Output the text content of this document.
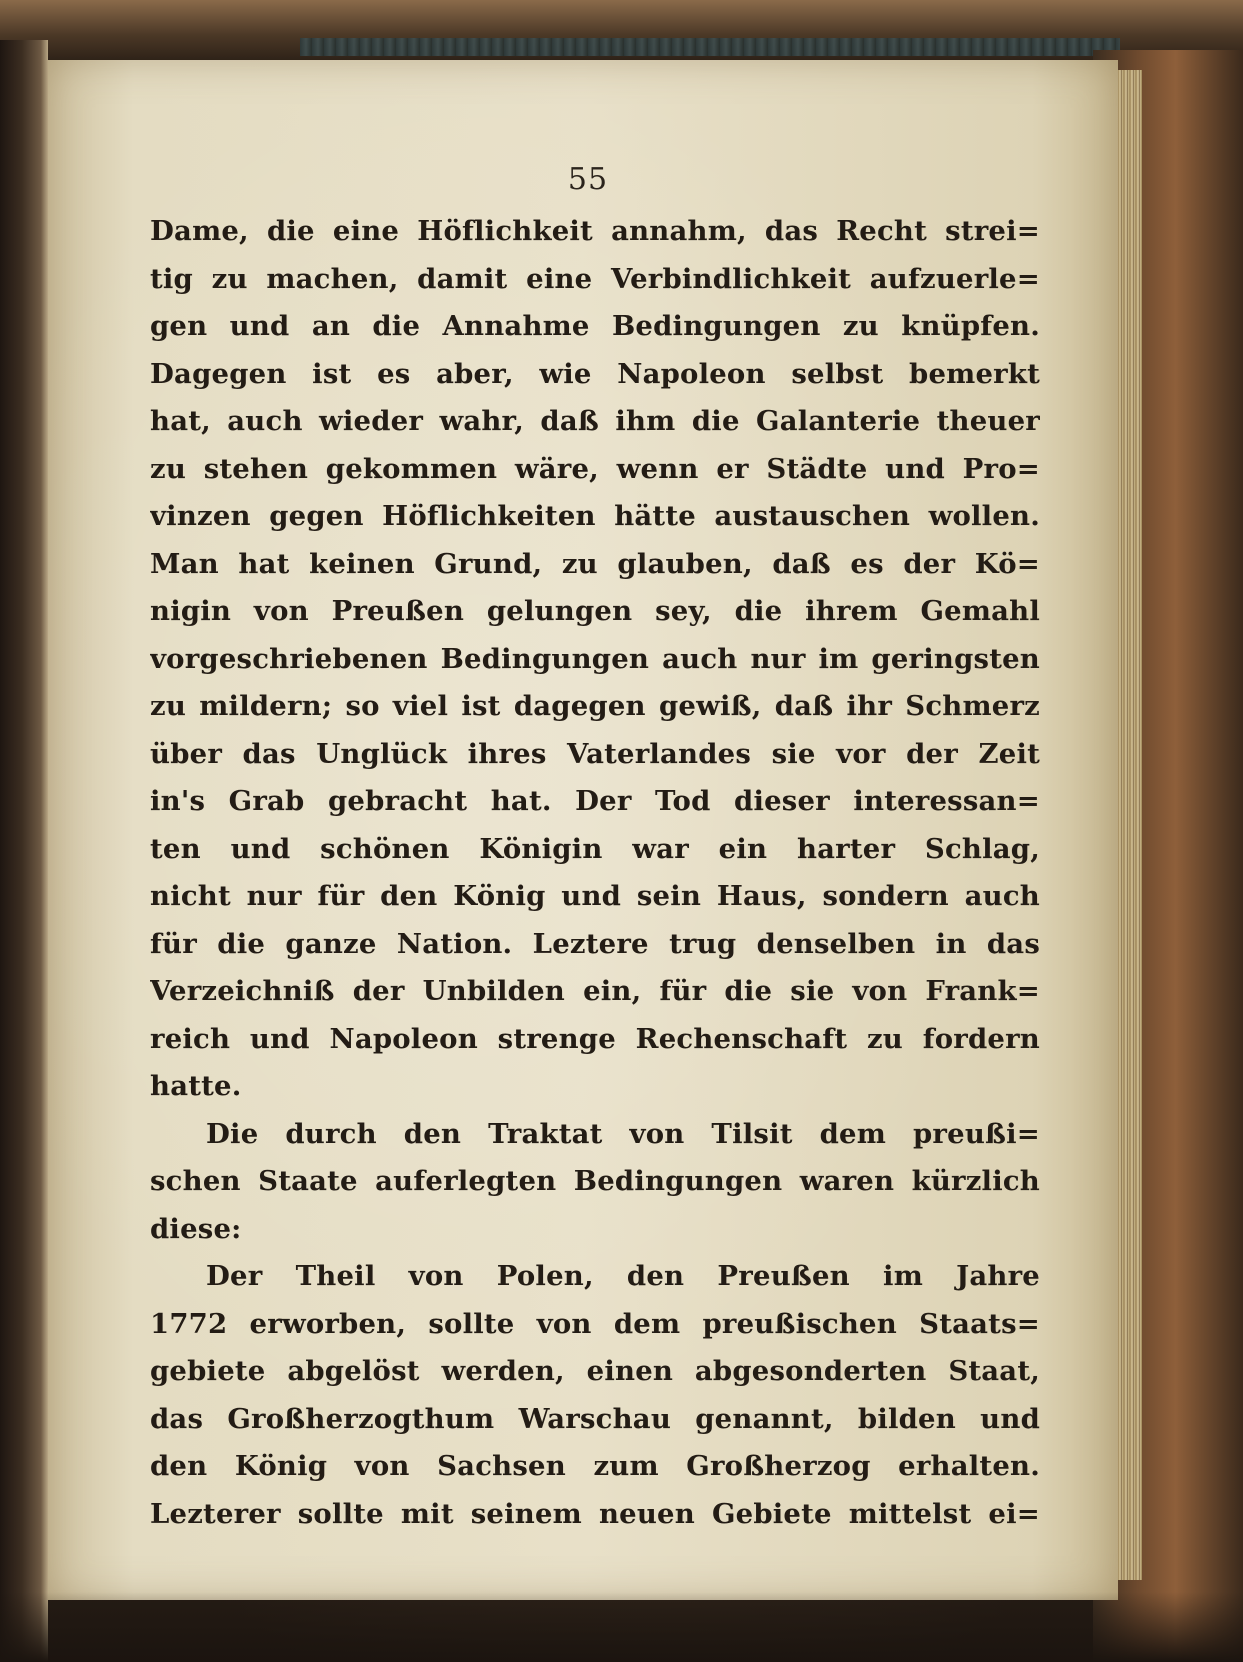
55
Dame, die eine Höflichkeit annahm, das Recht strei=
tig zu machen, damit eine Verbindlichkeit aufzuerle=
gen und an die Annahme Bedingungen zu knüpfen.
Dagegen ist es aber, wie Napoleon selbst bemerkt
hat, auch wieder wahr, daß ihm die Galanterie theuer
zu stehen gekommen wäre, wenn er Städte und Pro=
vinzen gegen Höflichkeiten hätte austauschen wollen.
Man hat keinen Grund, zu glauben, daß es der Kö=
nigin von Preußen gelungen sey, die ihrem Gemahl
vorgeschriebenen Bedingungen auch nur im geringsten
zu mildern; so viel ist dagegen gewiß, daß ihr Schmerz
über das Unglück ihres Vaterlandes sie vor der Zeit
in's Grab gebracht hat. Der Tod dieser interessan=
ten und schönen Königin war ein harter Schlag,
nicht nur für den König und sein Haus, sondern auch
für die ganze Nation. Leztere trug denselben in das
Verzeichniß der Unbilden ein, für die sie von Frank=
reich und Napoleon strenge Rechenschaft zu fordern
hatte.
Die durch den Traktat von Tilsit dem preußi=
schen Staate auferlegten Bedingungen waren kürzlich
diese:
Der Theil von Polen, den Preußen im Jahre
1772 erworben, sollte von dem preußischen Staats=
gebiete abgelöst werden, einen abgesonderten Staat,
das Großherzogthum Warschau genannt, bilden und
den König von Sachsen zum Großherzog erhalten.
Lezterer sollte mit seinem neuen Gebiete mittelst ei=
